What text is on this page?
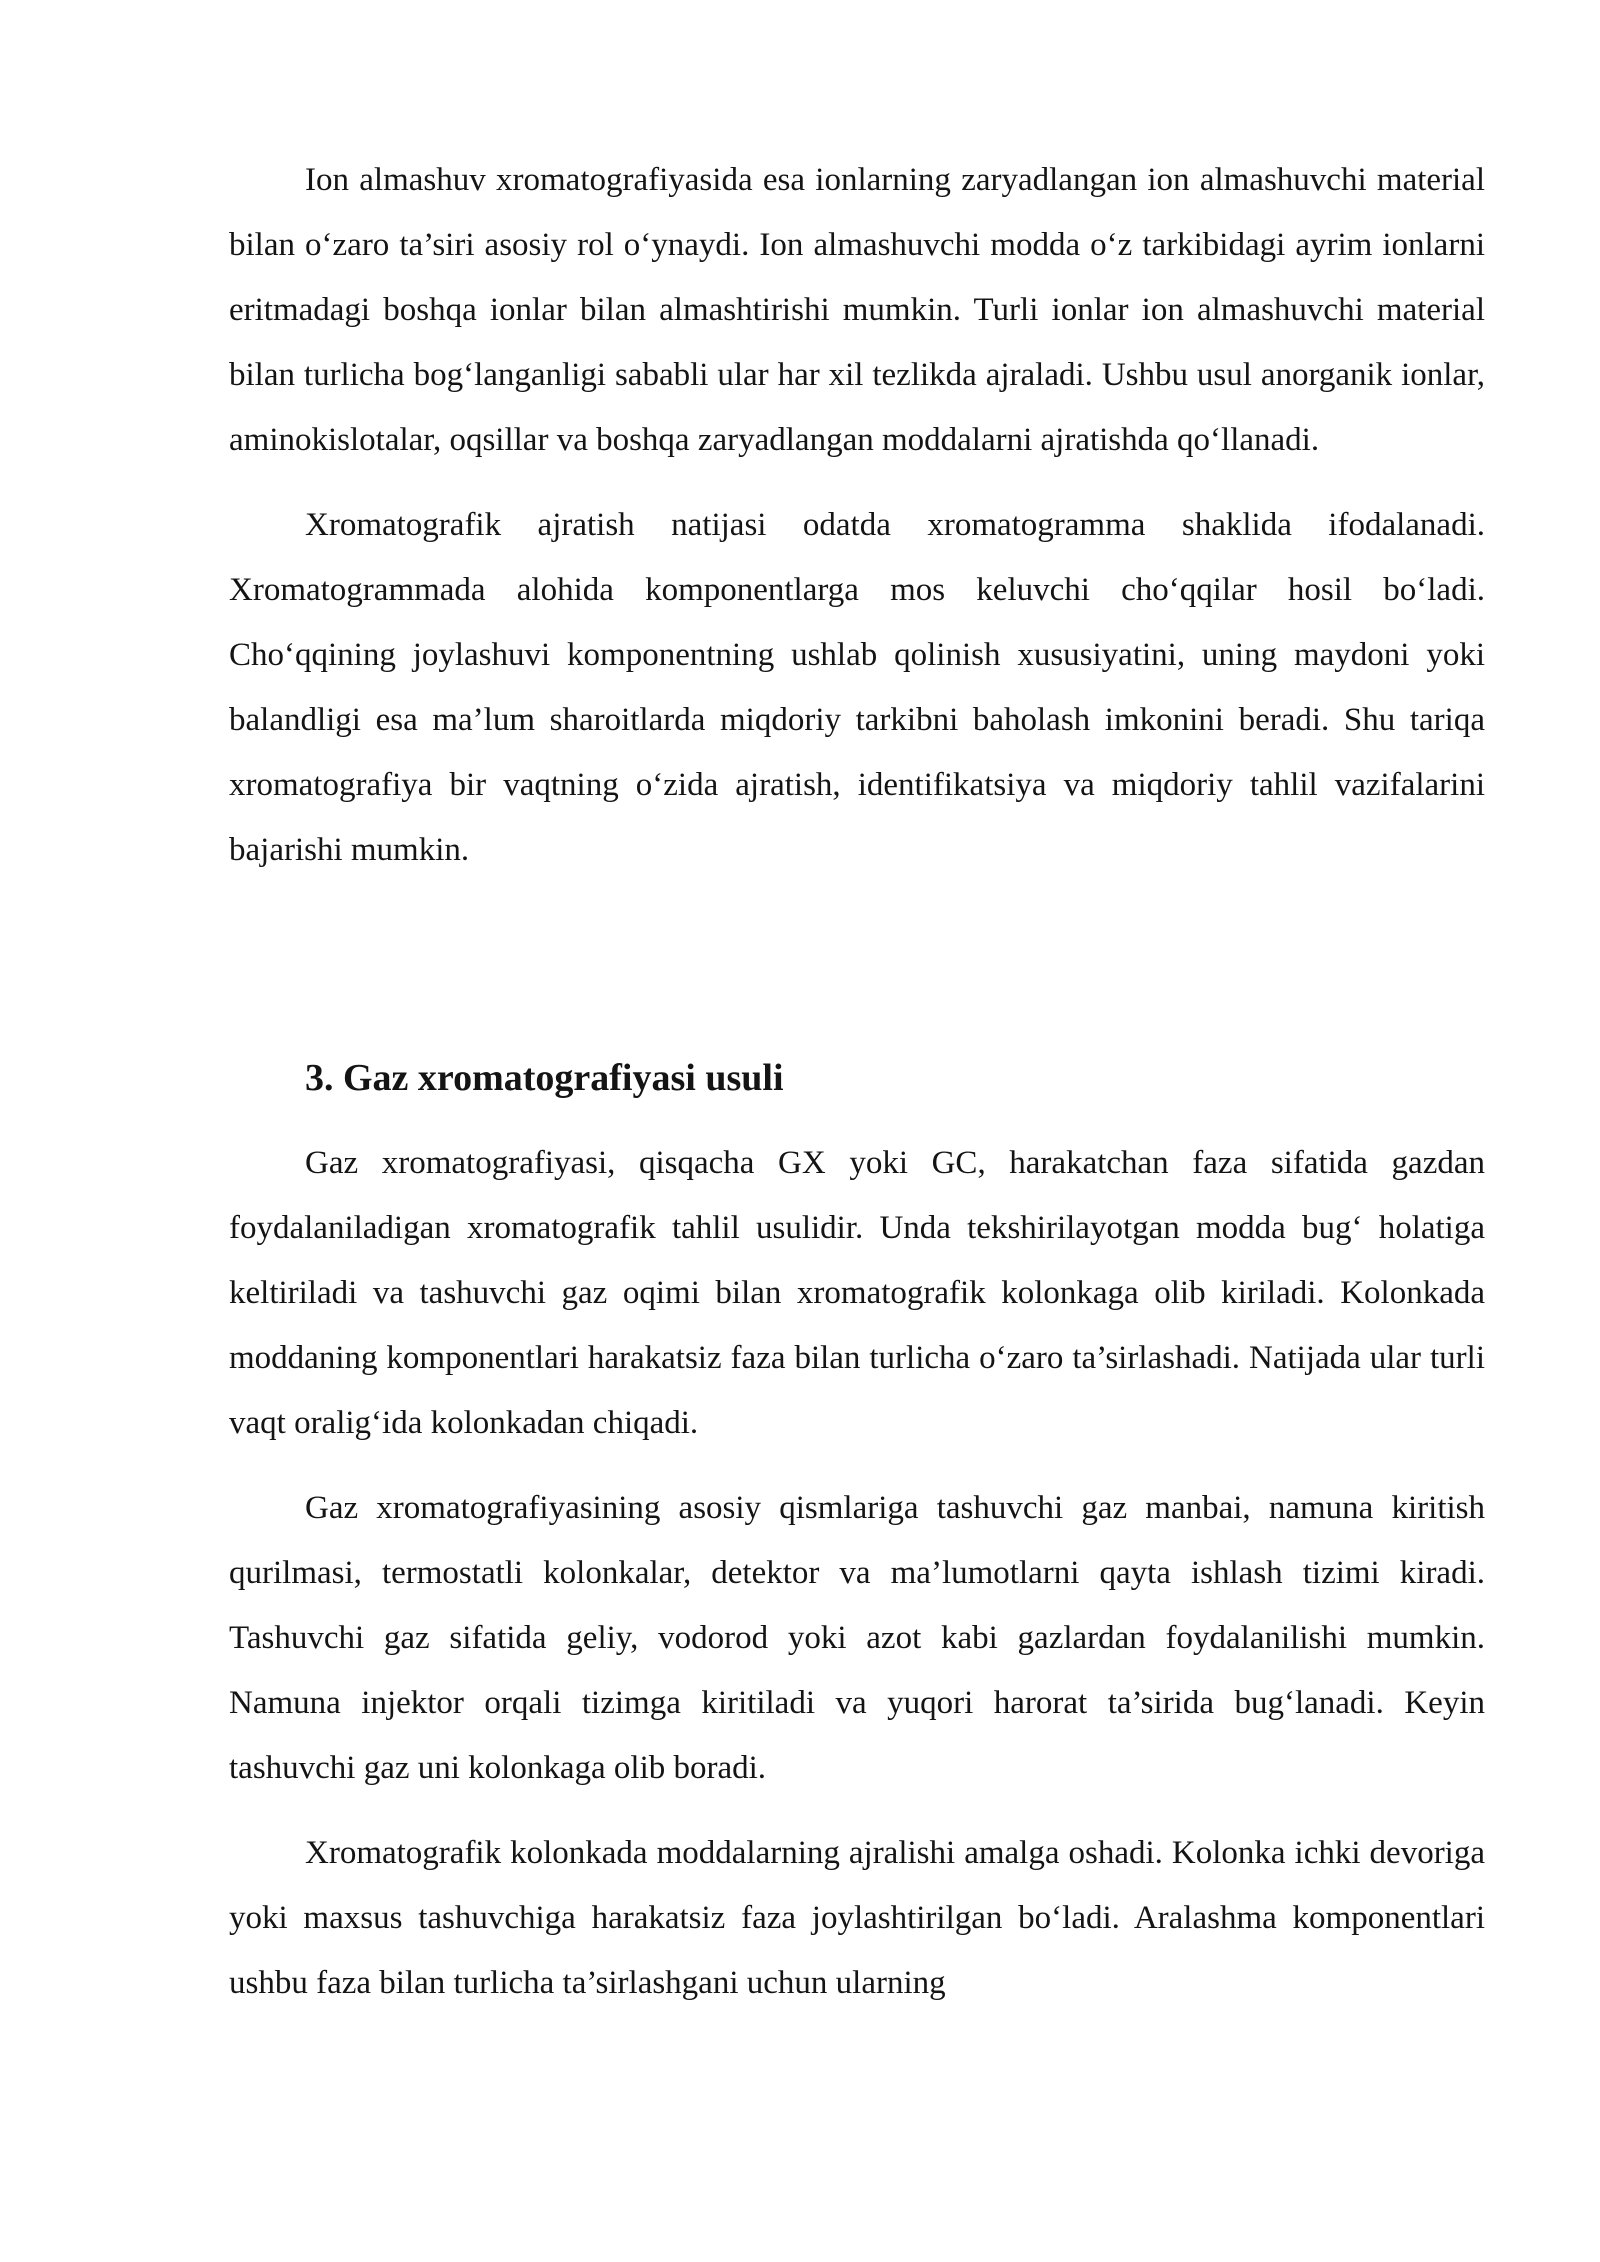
Ion almashuv xromatografiyasida esa ionlarning zaryadlangan ion almashuvchi material bilan o‘zaro ta’siri asosiy rol o‘ynaydi. Ion almashuvchi modda o‘z tarkibidagi ayrim ionlarni eritmadagi boshqa ionlar bilan almashtirishi mumkin. Turli ionlar ion almashuvchi material bilan turlicha bog‘langanligi sababli ular har xil tezlikda ajraladi. Ushbu usul anorganik ionlar, aminokislotalar, oqsillar va boshqa zaryadlangan moddalarni ajratishda qo‘llanadi.

Xromatografik ajratish natijasi odatda xromatogramma shaklida ifodalanadi. Xromatogrammada alohida komponentlarga mos keluvchi cho‘qqilar hosil bo‘ladi. Cho‘qqining joylashuvi komponentning ushlab qolinish xususiyatini, uning maydoni yoki balandligi esa ma’lum sharoitlarda miqdoriy tarkibni baholash imkonini beradi. Shu tariqa xromatografiya bir vaqtning o‘zida ajratish, identifikatsiya va miqdoriy tahlil vazifalarini bajarishi mumkin.

3. Gaz xromatografiyasi usuli

Gaz xromatografiyasi, qisqacha GX yoki GC, harakatchan faza sifatida gazdan foydalaniladigan xromatografik tahlil usulidir. Unda tekshirilayotgan modda bug‘ holatiga keltiriladi va tashuvchi gaz oqimi bilan xromatografik kolonkaga olib kiriladi. Kolonkada moddaning komponentlari harakatsiz faza bilan turlicha o‘zaro ta’sirlashadi. Natijada ular turli vaqt oralig‘ida kolonkadan chiqadi.

Gaz xromatografiyasining asosiy qismlariga tashuvchi gaz manbai, namuna kiritish qurilmasi, termostatli kolonkalar, detektor va ma’lumotlarni qayta ishlash tizimi kiradi. Tashuvchi gaz sifatida geliy, vodorod yoki azot kabi gazlardan foydalanilishi mumkin. Namuna injektor orqali tizimga kiritiladi va yuqori harorat ta’sirida bug‘lanadi. Keyin tashuvchi gaz uni kolonkaga olib boradi.

Xromatografik kolonkada moddalarning ajralishi amalga oshadi. Kolonka ichki devoriga yoki maxsus tashuvchiga harakatsiz faza joylashtirilgan bo‘ladi. Aralashma komponentlari ushbu faza bilan turlicha ta’sirlashgani uchun ularning
